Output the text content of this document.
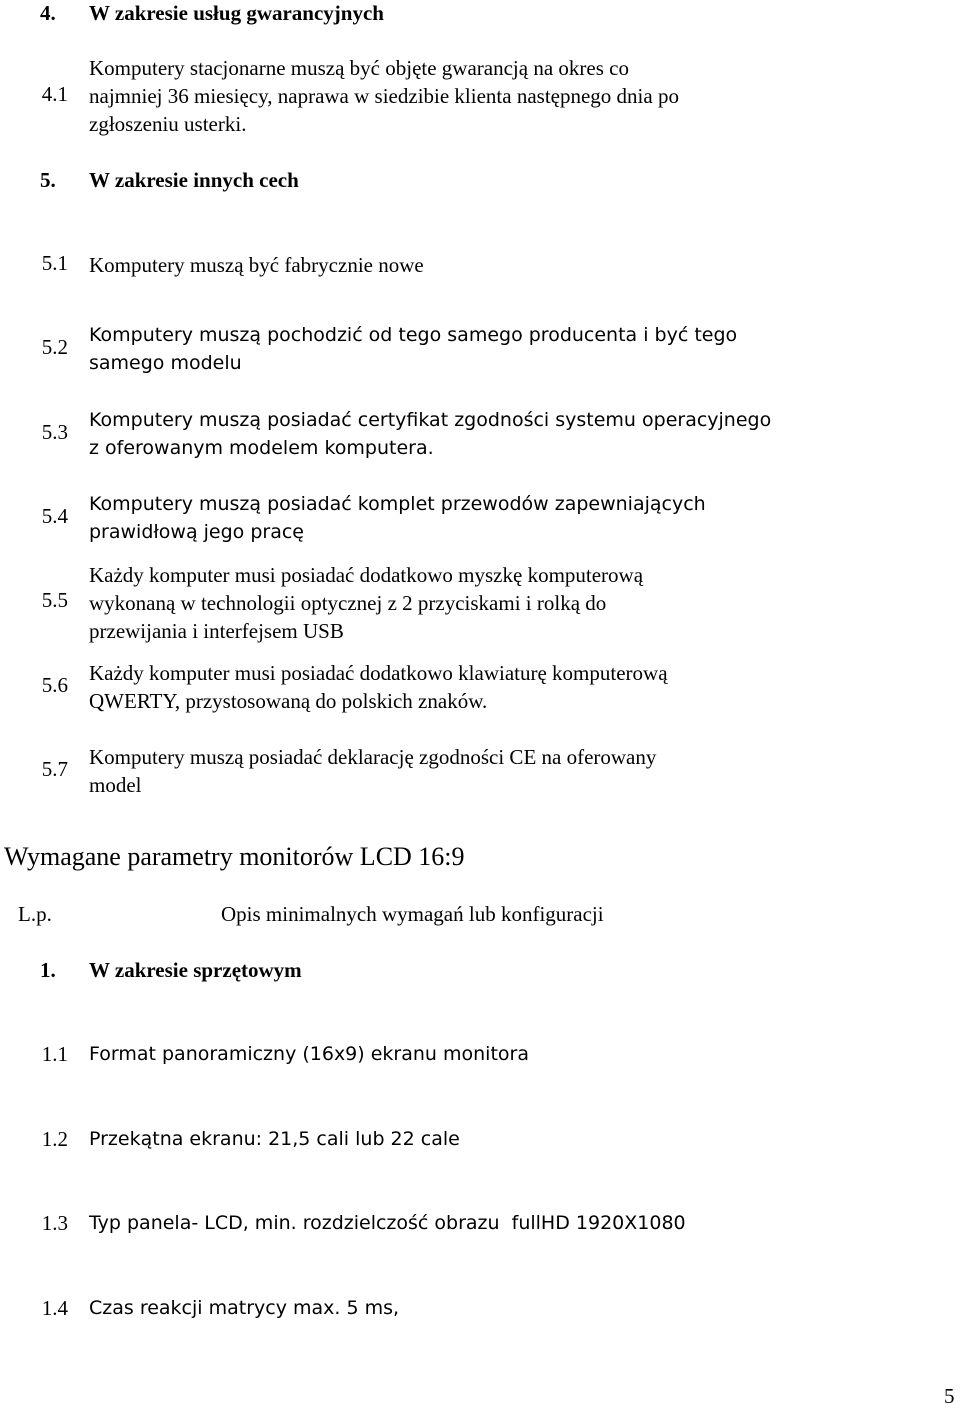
4. W zakresie usług gwarancyjnych
4.1
Komputery stacjonarne muszą być objęte gwarancją na okres co
najmniej 36 miesięcy, naprawa w siedzibie klienta następnego dnia po
zgłoszeniu usterki.
5. W zakresie innych cech
5.1 Komputery muszą być fabrycznie nowe
5.2 Komputery muszą pochodzić od tego samego producenta i być tego
samego modelu
5.3 Komputery muszą posiadać certyfikat zgodności systemu operacyjnego
z oferowanym modelem komputera.
5.4 Komputery muszą posiadać komplet przewodów zapewniających
prawidłową jego pracę
5.5
Każdy komputer musi posiadać dodatkowo myszkę komputerową
wykonaną w technologii optycznej z 2 przyciskami i rolką do
przewijania i interfejsem USB
5.6 Każdy komputer musi posiadać dodatkowo klawiaturę komputerową
QWERTY, przystosowaną do polskich znaków.
5.7 Komputery muszą posiadać deklarację zgodności CE na oferowany
model
Wymagane parametry monitorów LCD 16:9
L.p.	Opis minimalnych wymagań lub konfiguracji
1. W zakresie sprzętowym
1.1 Format panoramiczny (16x9) ekranu monitora
1.2 Przekątna ekranu: 21,5 cali lub 22 cale
1.3 Typ panela- LCD, min. rozdzielczość obrazu  fullHD 1920X1080
1.4 Czas reakcji matrycy max. 5 ms,
5
